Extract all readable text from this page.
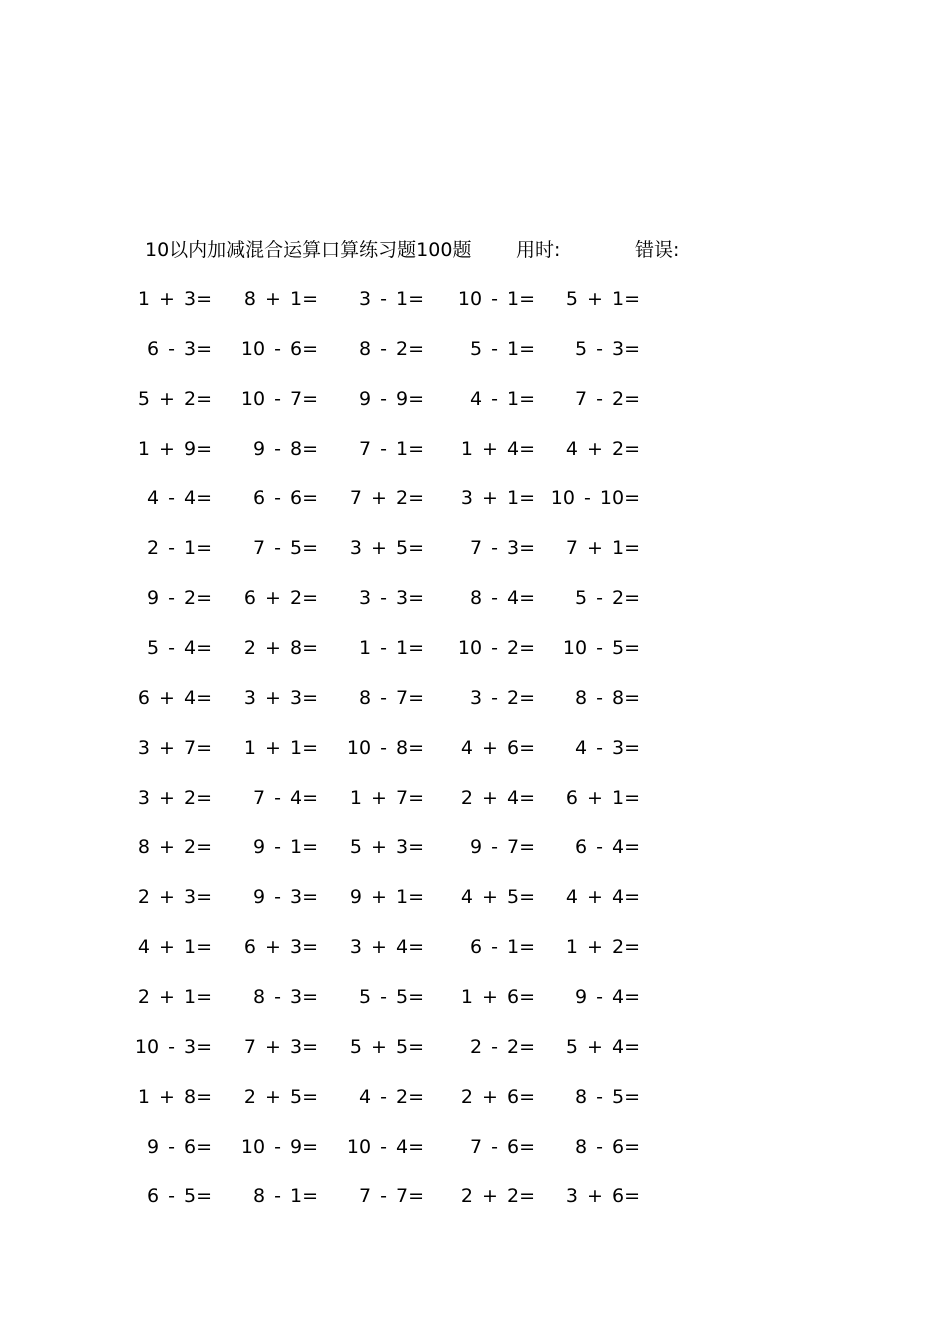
10以内加减混合运算口算练习题100题 用时:	错误:
1 + 3= 8 + 1= 3 - 1= 10 - 1= 5 + 1=
6 - 3= 10 - 6= 8 - 2= 5 - 1= 5 - 3=
5 + 2= 10 - 7= 9 - 9= 4 - 1= 7 - 2=
1 + 9= 9 - 8= 7 - 1= 1 + 4= 4 + 2=
4 - 4= 6 - 6= 7 + 2= 3 + 1= 10 - 10=
2 - 1= 7 - 5= 3 + 5= 7 - 3= 7 + 1=
9 - 2= 6 + 2= 3 - 3= 8 - 4= 5 - 2=
5 - 4= 2 + 8= 1 - 1= 10 - 2= 10 - 5=
6 + 4= 3 + 3= 8 - 7= 3 - 2= 8 - 8=
3 + 7= 1 + 1= 10 - 8= 4 + 6= 4 - 3=
3 + 2= 7 - 4= 1 + 7= 2 + 4= 6 + 1=
8 + 2= 9 - 1= 5 + 3= 9 - 7= 6 - 4=
2 + 3= 9 - 3= 9 + 1= 4 + 5= 4 + 4=
4 + 1= 6 + 3= 3 + 4= 6 - 1= 1 + 2=
2 + 1= 8 - 3= 5 - 5= 1 + 6= 9 - 4=
10 - 3= 7 + 3= 5 + 5= 2 - 2= 5 + 4=
1 + 8= 2 + 5= 4 - 2= 2 + 6= 8 - 5=
9 - 6= 10 - 9= 10 - 4= 7 - 6= 8 - 6=
6 - 5= 8 - 1= 7 - 7= 2 + 2= 3 + 6=
